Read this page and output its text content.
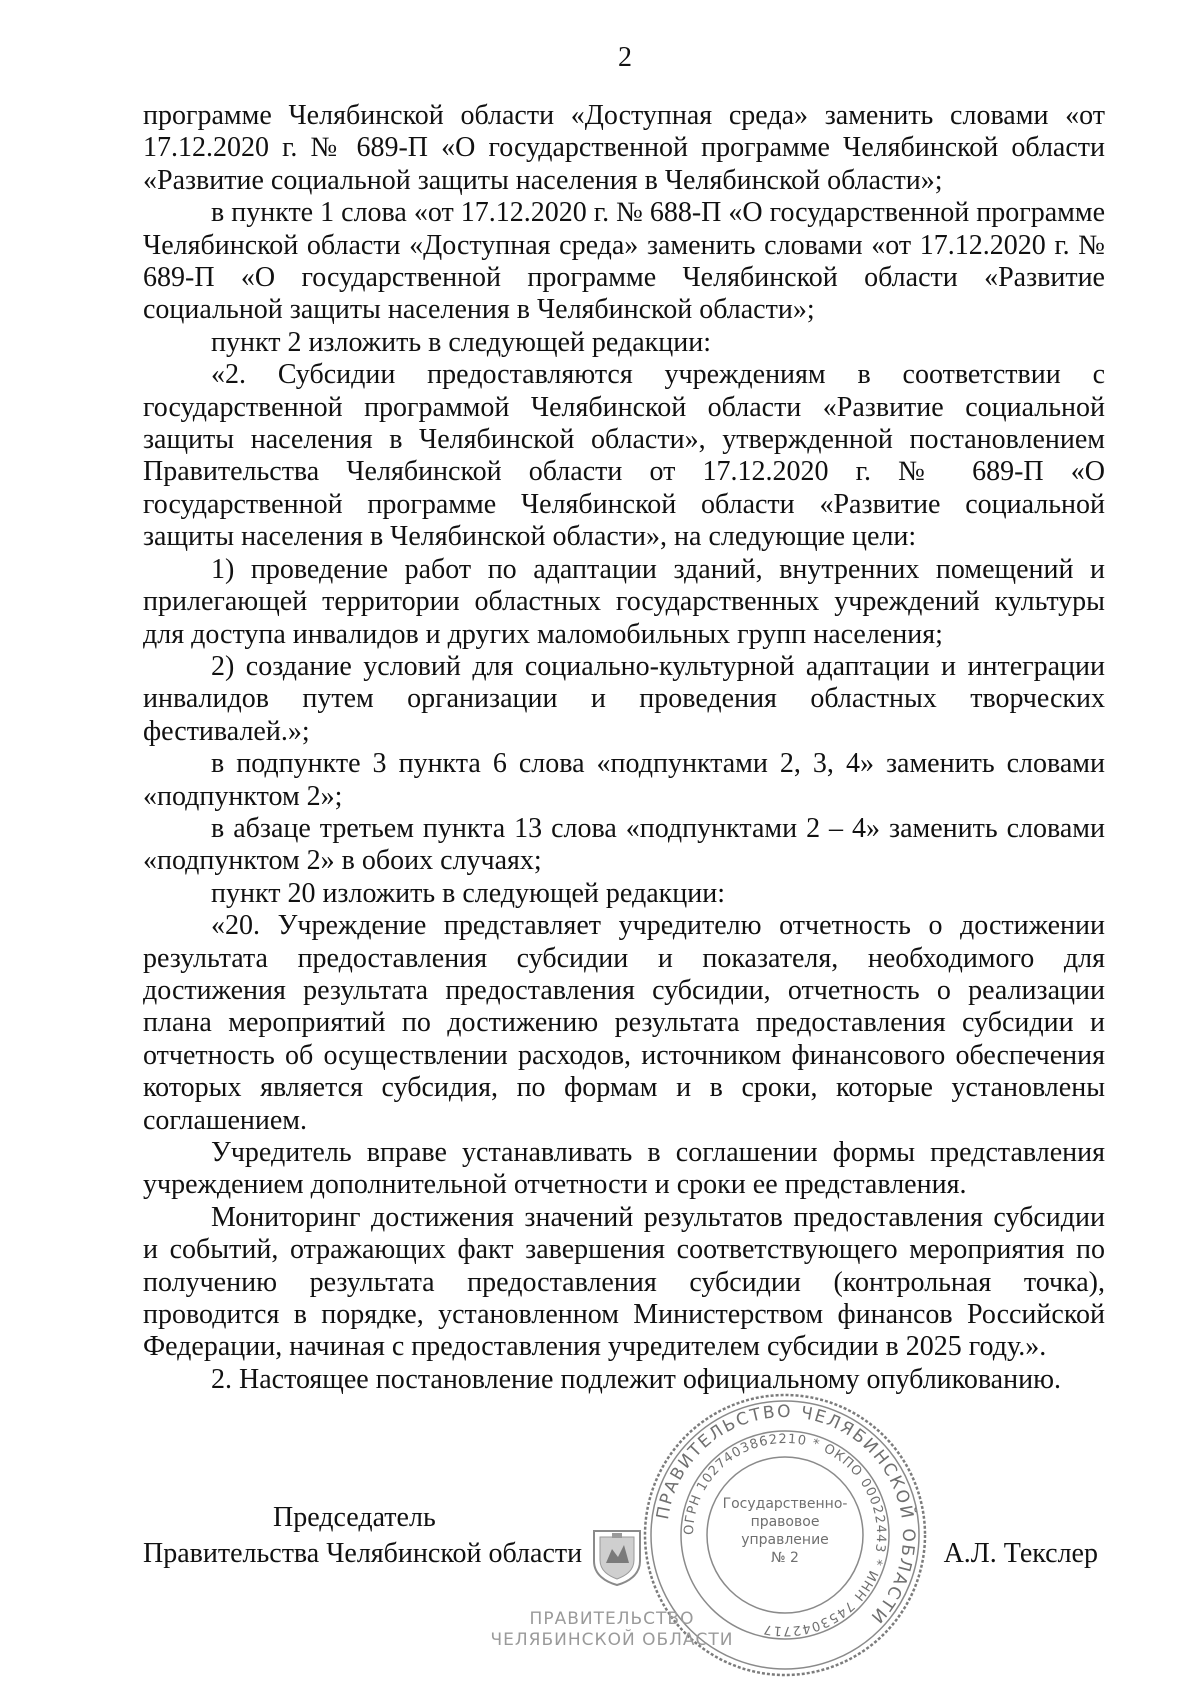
2

программе Челябинской области «Доступная среда» заменить словами «от 17.12.2020 г. № 689-П «О государственной программе Челябинской области «Развитие социальной защиты населения в Челябинской области»;

в пункте 1 слова «от 17.12.2020 г. № 688-П «О государственной программе Челябинской области «Доступная среда» заменить словами «от 17.12.2020 г. № 689-П «О государственной программе Челябинской области «Развитие социальной защиты населения в Челябинской области»;

пункт 2 изложить в следующей редакции:

«2. Субсидии предоставляются учреждениям в соответствии с государственной программой Челябинской области «Развитие социальной защиты населения в Челябинской области», утвержденной постановлением Правительства Челябинской области от 17.12.2020 г. № 689-П «О государственной программе Челябинской области «Развитие социальной защиты населения в Челябинской области», на следующие цели:

1) проведение работ по адаптации зданий, внутренних помещений и прилегающей территории областных государственных учреждений культуры для доступа инвалидов и других маломобильных групп населения;

2) создание условий для социально-культурной адаптации и интеграции инвалидов путем организации и проведения областных творческих фестивалей.»;

в подпункте 3 пункта 6 слова «подпунктами 2, 3, 4» заменить словами «подпунктом 2»;

в абзаце третьем пункта 13 слова «подпунктами 2 – 4» заменить словами «подпунктом 2» в обоих случаях;

пункт 20 изложить в следующей редакции:

«20. Учреждение представляет учредителю отчетность о достижении результата предоставления субсидии и показателя, необходимого для достижения результата предоставления субсидии, отчетность о реализации плана мероприятий по достижению результата предоставления субсидии и отчетность об осуществлении расходов, источником финансового обеспечения которых является субсидия, по формам и в сроки, которые установлены соглашением.

Учредитель вправе устанавливать в соглашении формы представления учреждением дополнительной отчетности и сроки ее представления.

Мониторинг достижения значений результатов предоставления субсидии и событий, отражающих факт завершения соответствующего мероприятия по получению результата предоставления субсидии (контрольная точка), проводится в порядке, установленном Министерством финансов Российской Федерации, начиная с предоставления учредителем субсидии в 2025 году.».

2. Настоящее постановление подлежит официальному опубликованию.

Председатель
Правительства Челябинской области
ПРАВИТЕЛЬСТВО ЧЕЛЯБИНСКОЙ ОБЛАСТИ
ОГРН 1027403862210 * ОКПО 00022443 * ИНН 7453042717
Государственно-правовое управление № 2	А.Л. Текслер
ПРАВИТЕЛЬСТВО
ЧЕЛЯБИНСКОЙ ОБЛАСТИ
